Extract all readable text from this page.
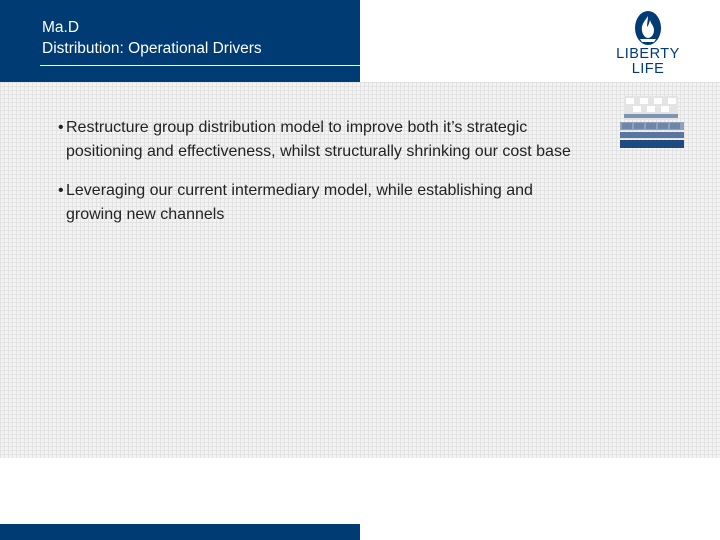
Ma.D
Distribution: Operational Drivers	LIBERTY
LIFE
• Restructure group distribution model to improve both it’s strategic positioning and effectiveness, whilst structurally shrinking our cost base
• Leveraging our current intermediary model, while establishing and growing new channels
